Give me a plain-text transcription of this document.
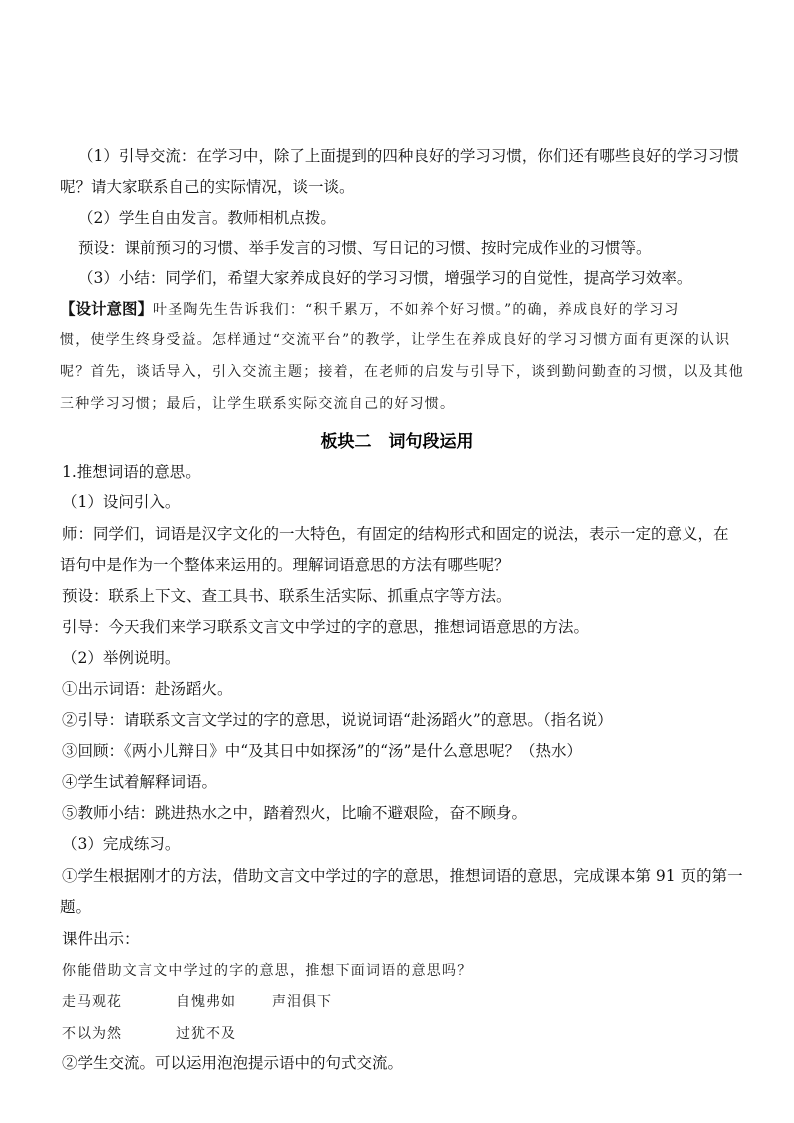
（1）引导交流：在学习中，除了上面提到的四种良好的学习习惯，你们还有哪些良好的学习习惯
呢？请大家联系自己的实际情况，谈一谈。
（2）学生自由发言。教师相机点拨。
预设：课前预习的习惯、举手发言的习惯、写日记的习惯、按时完成作业的习惯等。
（3）小结：同学们，希望大家养成良好的学习习惯，增强学习的自觉性，提高学习效率。
【设计意图】叶圣陶先生告诉我们：“积千累万，不如养个好习惯。”的确，养成良好的学习习
惯，使学生终身受益。怎样通过“交流平台”的教学，让学生在养成良好的学习习惯方面有更深的认识
呢？首先，谈话导入，引入交流主题；接着，在老师的启发与引导下，谈到勤问勤查的习惯，以及其他
三种学习习惯；最后，让学生联系实际交流自己的好习惯。
板块二　词句段运用
1.推想词语的意思。
（1）设问引入。
师：同学们，词语是汉字文化的一大特色，有固定的结构形式和固定的说法，表示一定的意义，在
语句中是作为一个整体来运用的。理解词语意思的方法有哪些呢？
预设：联系上下文、查工具书、联系生活实际、抓重点字等方法。
引导：今天我们来学习联系文言文中学过的字的意思，推想词语意思的方法。
（2）举例说明。
①出示词语：赴汤蹈火。
②引导：请联系文言文学过的字的意思，说说词语“赴汤蹈火”的意思。（指名说）
③回顾：《两小儿辩日》中“及其日中如探汤”的“汤”是什么意思呢？（热水）
④学生试着解释词语。
⑤教师小结：跳进热水之中，踏着烈火，比喻不避艰险，奋不顾身。
（3）完成练习。
①学生根据刚才的方法，借助文言文中学过的字的意思，推想词语的意思，完成课本第 91 页的第一
题。
课件出示：
你能借助文言文中学过的字的意思，推想下面词语的意思吗？
走马观花	自愧弗如	声泪俱下
不以为然	过犹不及
②学生交流。可以运用泡泡提示语中的句式交流。
